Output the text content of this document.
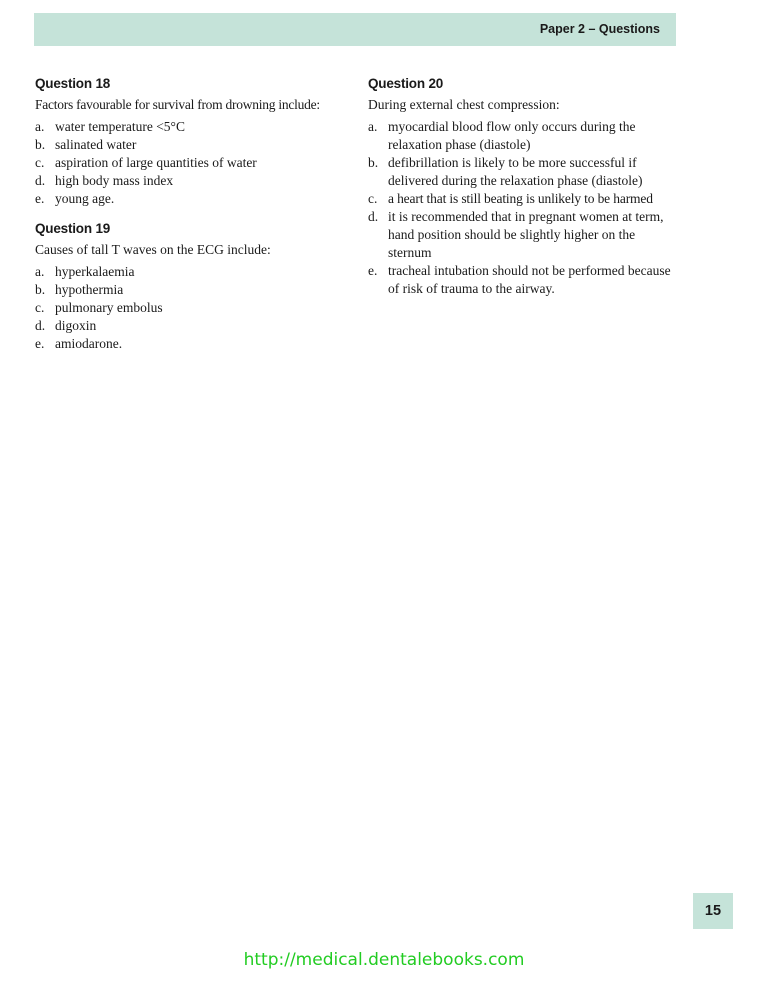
Paper 2 – Questions
Question 18
Factors favourable for survival from drowning include:
a. water temperature <5°C
b. salinated water
c. aspiration of large quantities of water
d. high body mass index
e. young age.
Question 19
Causes of tall T waves on the ECG include:
a. hyperkalaemia
b. hypothermia
c. pulmonary embolus
d. digoxin
e. amiodarone.
Question 20
During external chest compression:
a. myocardial blood flow only occurs during the relaxation phase (diastole)
b. defibrillation is likely to be more successful if delivered during the relaxation phase (diastole)
c. a heart that is still beating is unlikely to be harmed
d. it is recommended that in pregnant women at term, hand position should be slightly higher on the sternum
e. tracheal intubation should not be performed because of risk of trauma to the airway.
15
http://medical.dentalebooks.com
